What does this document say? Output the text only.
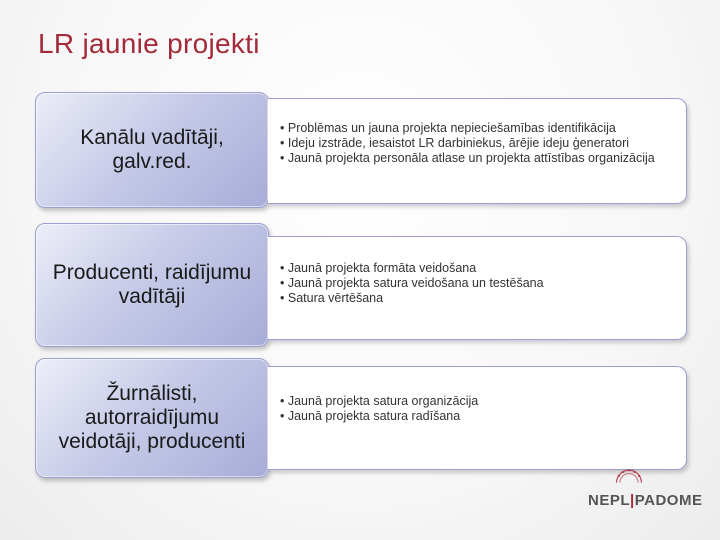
LR jaunie projekti
Kanālu vadītāji, galv.red.
• Problēmas un jauna projekta nepieciešamības identifikācija
• Ideju izstrāde, iesaistot LR darbiniekus, ārējie ideju ģeneratori
• Jaunā projekta personāla atlase un projekta attīstības organizācija
Producenti, raidījumu vadītāji
• Jaunā projekta formāta veidošana
• Jaunā projekta satura veidošana un testēšana
• Satura vērtēšana
Žurnālisti, autorraidījumu veidotāji, producenti
• Jaunā projekta satura organizācija
• Jaunā projekta satura radīšana
NEPL|PADOME
